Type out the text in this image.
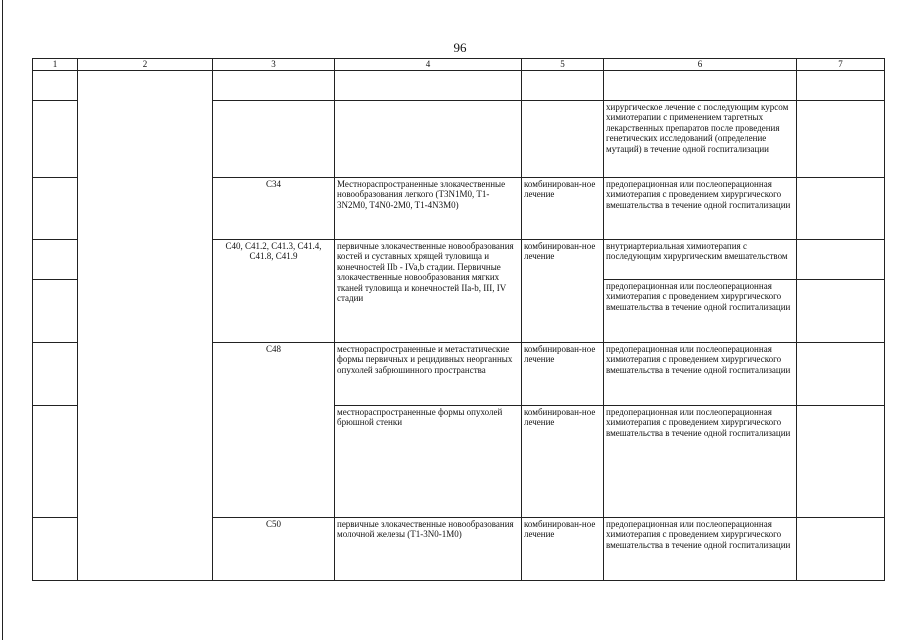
96
1	2	3	4	5	6	7

					хирургическое лечение с последующим курсом химиотерапии с применением таргетных лекарственных препаратов после проведения генетических исследований (определение мутаций) в течение одной госпитализации	
		C34	Местнораспространенные злокачественные новообразования легкого (T3N1M0, T1-3N2M0, T4N0-2M0, T1-4N3M0)	комбинирован-ное лечение	предоперационная или послеоперационная химиотерапия с проведением хирургического вмешательства в течение одной госпитализации	
		C40, C41.2, C41.3, C41.4, C41.8, C41.9	первичные злокачественные новообразования костей и суставных хрящей туловища и конечностей IIb - IVa,b стадии. Первичные злокачественные новообразования мягких тканей туловища и конечностей IIa-b, III, IV стадии	комбинирован-ное лечение	внутриартериальная химиотерапия с последующим хирургическим вмешательством	
					предоперационная или послеоперационная химиотерапия с проведением хирургического вмешательства в течение одной госпитализации	
		C48	местнораспространенные и метастатические формы первичных и рецидивных неорганных опухолей забрюшинного пространства	комбинирован-ное лечение	предоперационная или послеоперационная химиотерапия с проведением хирургического вмешательства в течение одной госпитализации	
			местнораспространенные формы опухолей брюшной стенки	комбинирован-ное лечение	предоперационная или послеоперационная химиотерапия с проведением хирургического вмешательства в течение одной госпитализации	
		C50	первичные злокачественные новообразования молочной железы (T1-3N0-1M0)	комбинирован-ное лечение	предоперационная или послеоперационная химиотерапия с проведением хирургического вмешательства в течение одной госпитализации	
